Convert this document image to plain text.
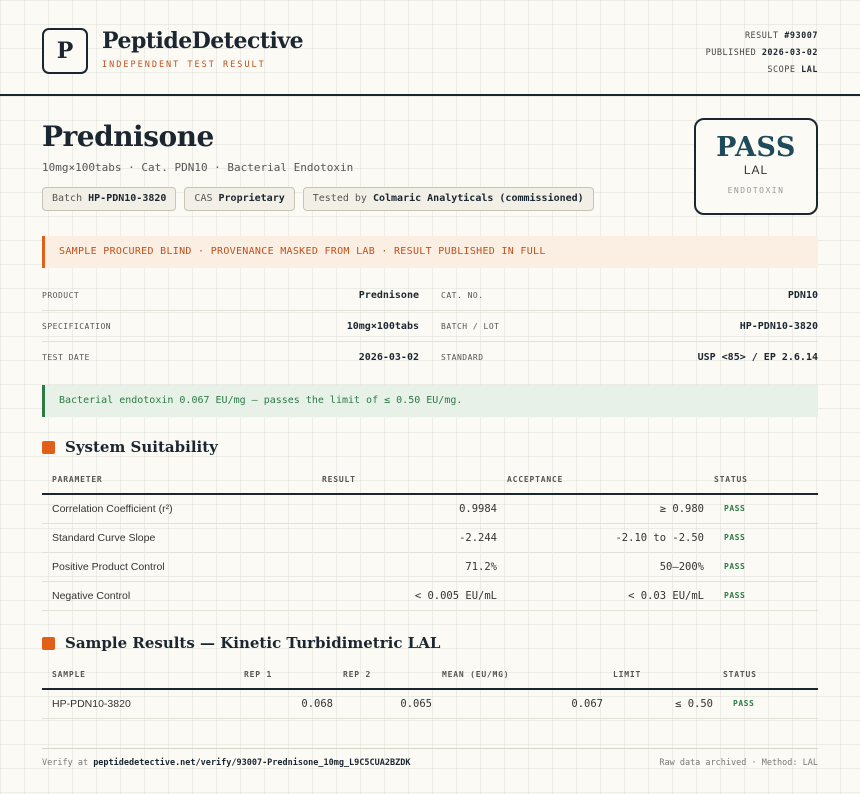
P PeptideDetective
INDEPENDENT TEST RESULT
RESULT #93007
PUBLISHED 2026-03-02
SCOPE LAL
Prednisone
10mg×100tabs · Cat. PDN10 · Bacterial Endotoxin
Batch HP-PDN10-3820	CAS Proprietary	Tested by Colmaric Analyticals (commissioned)
PASS
LAL
ENDOTOXIN
SAMPLE PROCURED BLIND · PROVENANCE MASKED FROM LAB · RESULT PUBLISHED IN FULL
PRODUCT	Prednisone	CAT. NO.	PDN10
SPECIFICATION	10mg×100tabs	BATCH / LOT	HP-PDN10-3820
TEST DATE	2026-03-02	STANDARD	USP <85> / EP 2.6.14
Bacterial endotoxin 0.067 EU/mg — passes the limit of ≤ 0.50 EU/mg.
System Suitability
PARAMETER	RESULT	ACCEPTANCE	STATUS
Correlation Coefficient (r²)	0.9984	≥ 0.980	PASS
Standard Curve Slope	-2.244	-2.10 to -2.50	PASS
Positive Product Control	71.2%	50–200%	PASS
Negative Control	< 0.005 EU/mL	< 0.03 EU/mL	PASS
Sample Results — Kinetic Turbidimetric LAL
SAMPLE	REP 1	REP 2	MEAN (EU/MG)	LIMIT	STATUS
HP-PDN10-3820	0.068	0.065	0.067	≤ 0.50	PASS
Verify at peptidedetective.net/verify/93007-Prednisone_10mg_L9C5CUA2BZDK	Raw data archived · Method: LAL
